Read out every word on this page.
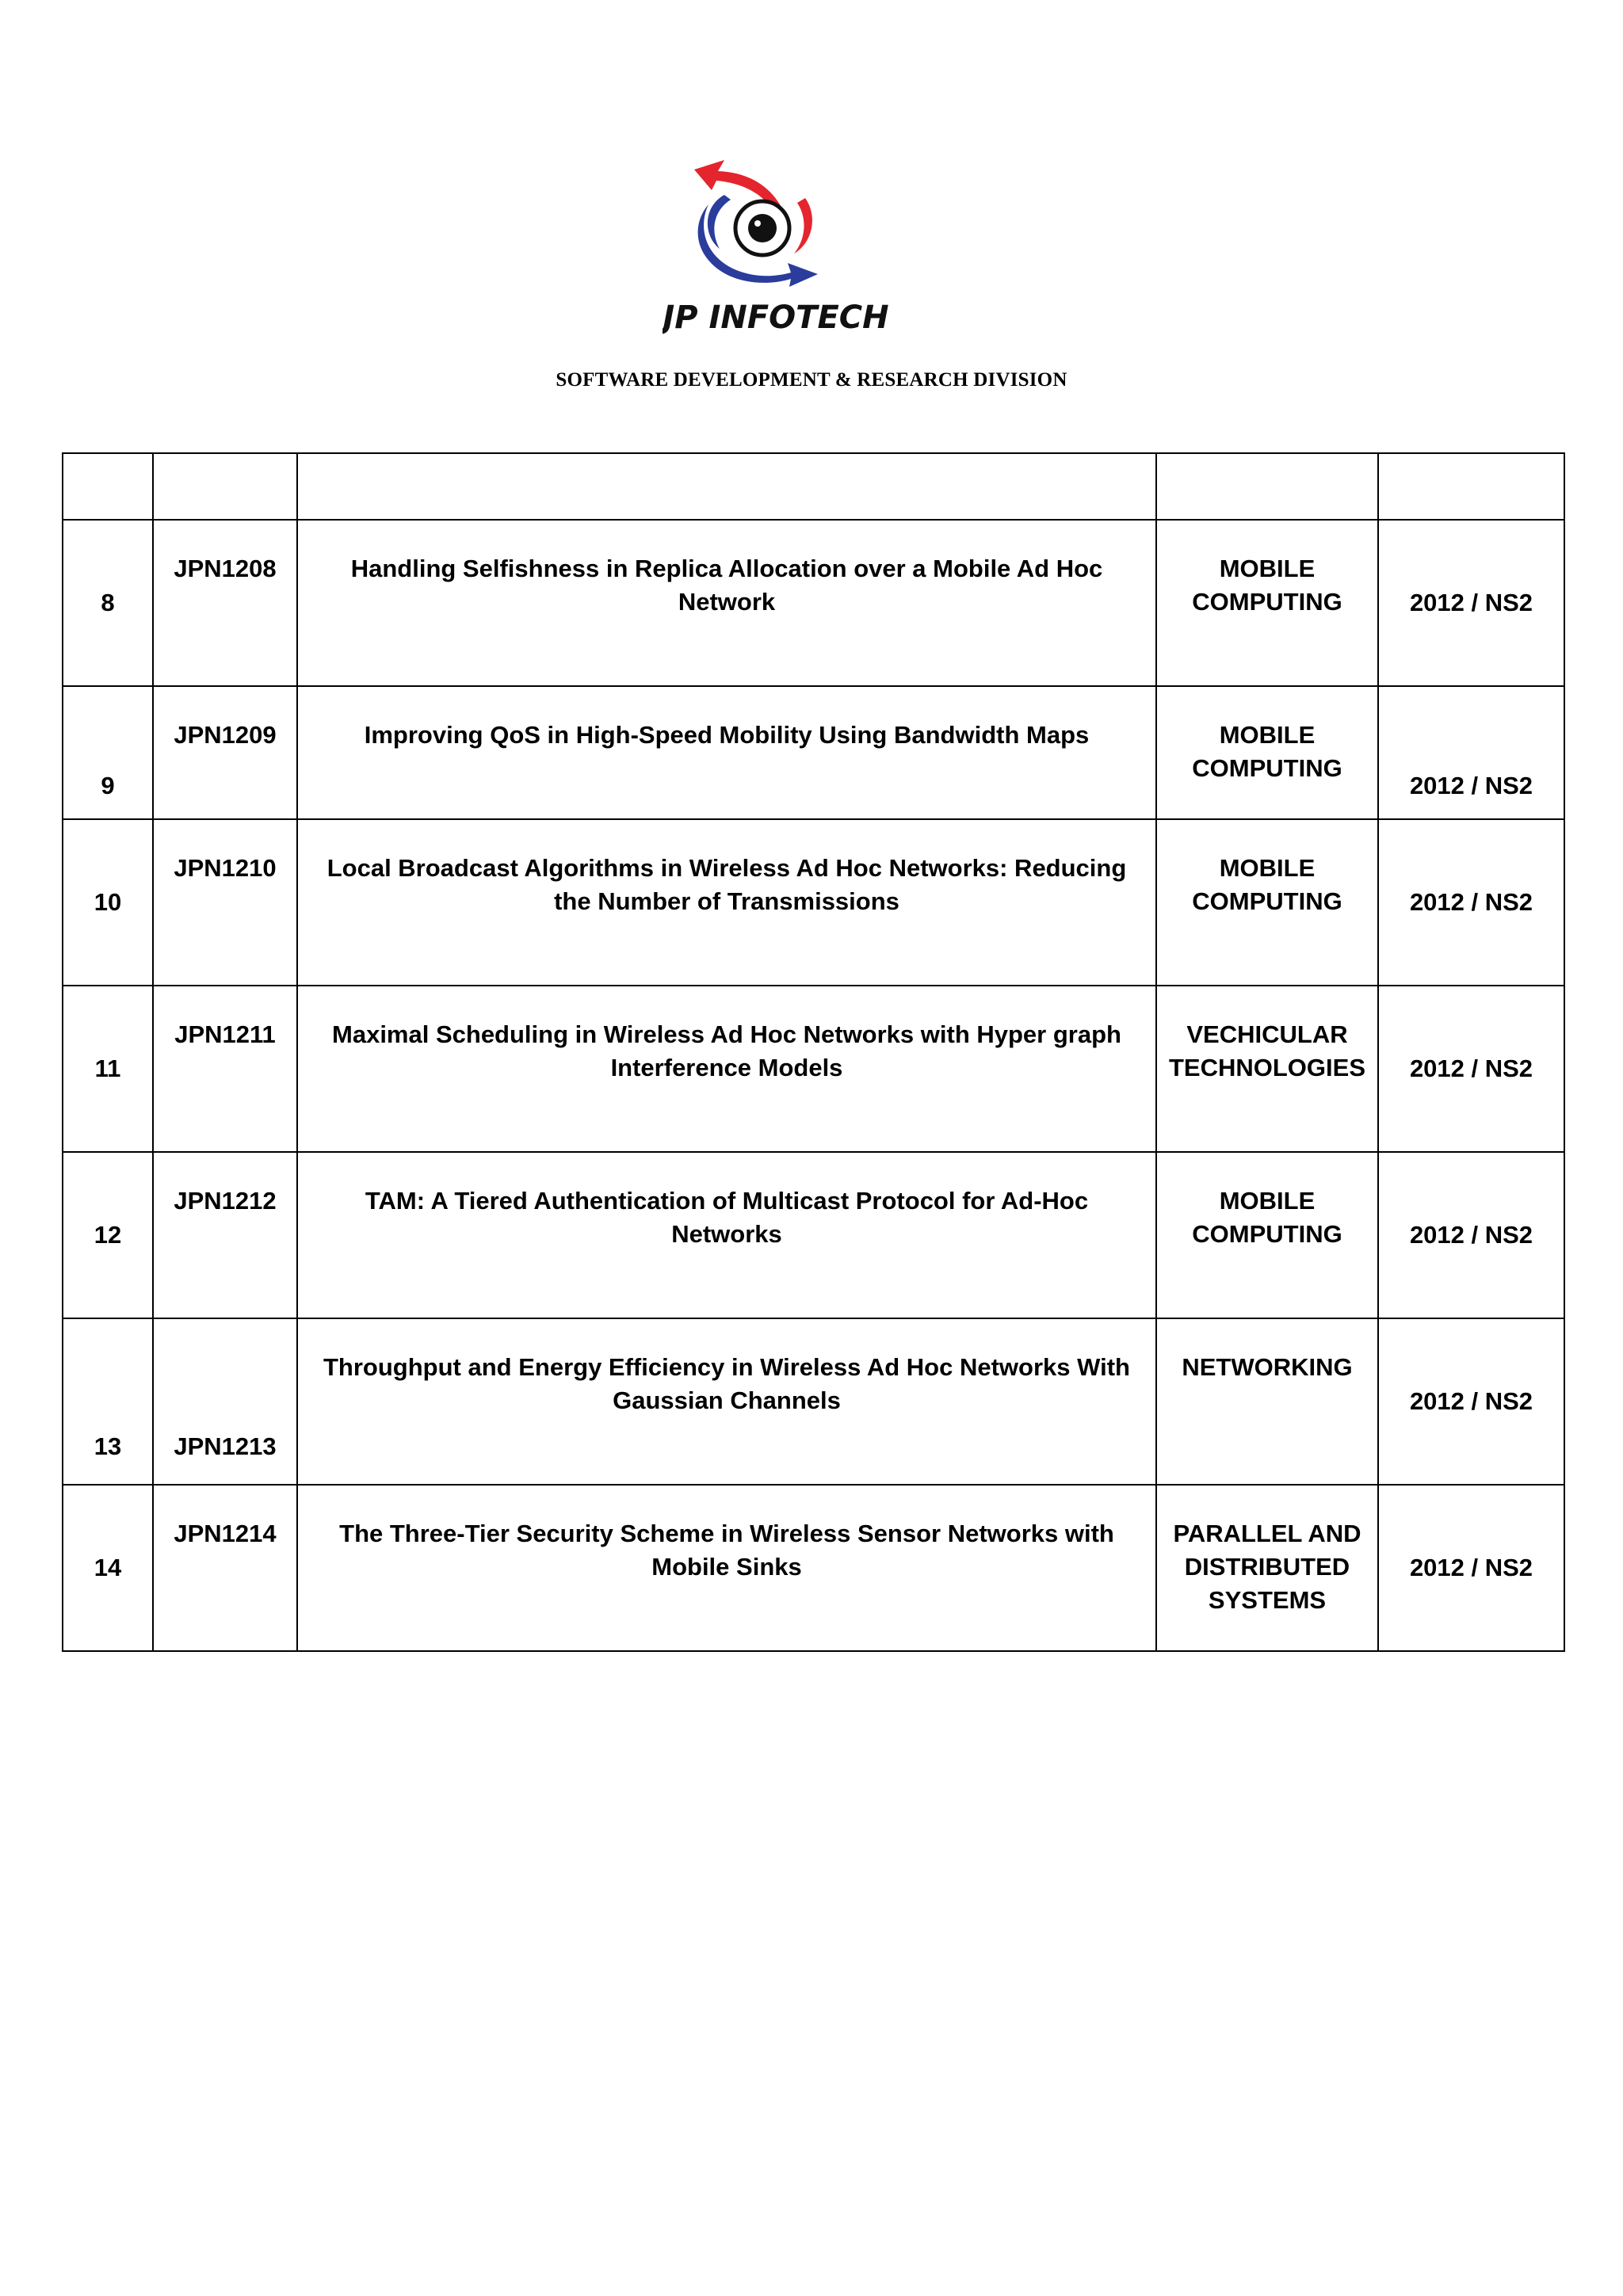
JP INFOTECH
SOFTWARE DEVELOPMENT & RESEARCH DIVISION

8	JPN1208	Handling Selfishness in Replica Allocation over a Mobile Ad Hoc Network	MOBILE COMPUTING	2012 / NS2
9	JPN1209	Improving QoS in High-Speed Mobility Using Bandwidth Maps	MOBILE COMPUTING	2012 / NS2
10	JPN1210	Local Broadcast Algorithms in Wireless Ad Hoc Networks: Reducing the Number of Transmissions	MOBILE COMPUTING	2012 / NS2
11	JPN1211	Maximal Scheduling in Wireless Ad Hoc Networks with Hyper graph Interference Models	VECHICULAR TECHNOLOGIES	2012 / NS2
12	JPN1212	TAM: A Tiered Authentication of Multicast Protocol for Ad-Hoc Networks	MOBILE COMPUTING	2012 / NS2
13	JPN1213	Throughput and Energy Efficiency in Wireless Ad Hoc Networks With Gaussian Channels	NETWORKING	2012 / NS2
14	JPN1214	The Three-Tier Security Scheme in Wireless Sensor Networks with Mobile Sinks	PARALLEL AND DISTRIBUTED SYSTEMS	2012 / NS2
